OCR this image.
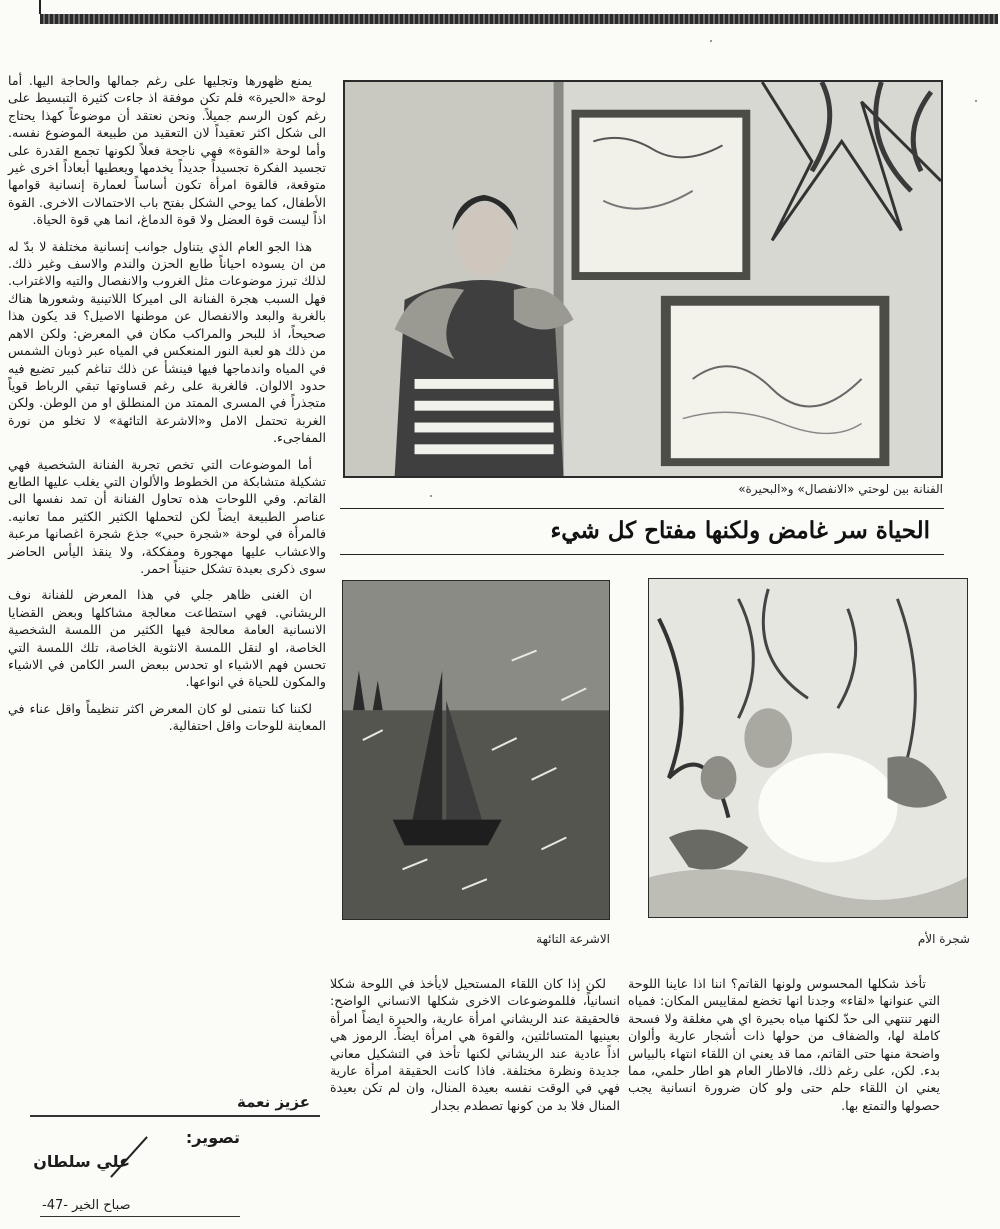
الفنانة بين لوحتي «الانفصال» و«البحيرة»
الحياة سر غامض ولكنها مفتاح كل شيء
شجرة الأم
الاشرعة التائهة

يمنع ظهورها وتجليها على رغم جمالها والحاجة اليها. أما لوحة «الحيرة» فلم تكن موفقة اذ جاءت كثيرة التبسيط على رغم كون الرسم جميلاً. ونحن نعتقد أن موضوعاً كهذا يحتاج الى شكل اكثر تعقيداً لان التعقيد من طبيعة الموضوع نفسه. وأما لوحة «القوة» فهي ناجحة فعلاً لكونها تجمع القدرة على تجسيد الفكرة تجسيداً جديداً يخدمها ويعطيها أبعاداً اخرى غير متوقعة، فالقوة امرأة تكون أساساً لعمارة إنسانية قوامها الأطفال، كما يوحي الشكل بفتح باب الاحتمالات الاخرى. القوة اذاً ليست قوة العضل ولا قوة الدماغ، انما هي قوة الحياة.

هذا الجو العام الذي يتناول جوانب إنسانية مختلفة لا بدّ له من ان يسوده احياناً طابع الحزن والندم والاسف وغير ذلك. لذلك تبرز موضوعات مثل الغروب والانفصال والتيه والاغتراب. فهل السبب هجرة الفنانة الى اميركا اللاتينية وشعورها هناك بالغربة والبعد والانفصال عن موطنها الاصيل؟ قد يكون هذا صحيحاً، اذ للبحر والمراكب مكان في المعرض: ولكن الاهم من ذلك هو لعبة النور المنعكس في المياه عبر ذوبان الشمس في المياه واندماجها فيها فينشأ عن ذلك تناغم كبير تضيع فيه حدود الالوان. فالغربة على رغم قساوتها تبقي الرباط قوياً متجذراً في المسرى الممتد من المنطلق او من الوطن. ولكن الغربة تحتمل الامل و«الاشرعة التائهة» لا تخلو من نورة المفاجىء.

أما الموضوعات التي تخص تجربة الفنانة الشخصية فهي تشكيلة متشابكة من الخطوط والألوان التي يغلب عليها الطابع القاتم. وفي اللوحات هذه تحاول الفنانة أن تمد نفسها الى عناصر الطبيعة ايضاً لكن لتحملها الكثير الكثير مما تعانيه. فالمرأة في لوحة «شجرة حبي» جذع شجرة اغصانها مرعبة والاعشاب عليها مهجورة ومفككة، ولا ينقذ اليأس الحاضر سوى ذكرى بعيدة تشكل حنيناً احمر.

ان الغنى ظاهر جلي في هذا المعرض للفنانة نوف الريشاني. فهي استطاعت معالجة مشاكلها وبعض القضايا الانسانية العامة معالجة فيها الكثير من اللمسة الشخصية الخاصة، او لنقل اللمسة الانثوية الخاصة، تلك اللمسة التي تحسن فهم الاشياء او تحدس ببعض السر الكامن في الاشياء والمكون للحياة في انواعها.

لكننا كنا نتمنى لو كان المعرض اكثر تنظيماً واقل عناء في المعاينة للوحات واقل احتفالية.

عزيز نعمة
تصوير:
علي سلطان
صباح الخير -47-

لكن إذا كان اللقاء المستحيل لايأخذ في اللوحة شكلا انسانياً، فللموضوعات الاخرى شكلها الانساني الواضح: فالحقيقة عند الريشاني امرأة عارية، والحيرة ايضاً امرأة بعينيها المتسائلتين، والقوة هي امرأة ايضاً. الرموز هي اذاً عادية عند الريشاني لكنها تأخذ في التشكيل معاني جديدة ونظرة مختلفة. فاذا كانت الحقيقة امرأة عارية فهي في الوقت نفسه بعيدة المنال، وان لم تكن بعيدة المنال فلا بد من كونها تصطدم بجدار

تأخذ شكلها المحسوس ولونها القاتم؟ اننا اذا عاينا اللوحة التي عنوانها «لقاء» وجدنا انها تخضع لمقاييس المكان: فمياه النهر تنتهي الى حدّ لكنها مياه بحيرة اي هي مغلقة ولا فسحة كاملة لها، والضفاف من حولها ذات أشجار عارية وألوان واضحة منها حتى القاتم، مما قد يعني ان اللقاء انتهاء بالبياس بدء. لكن، على رغم ذلك، فالاطار العام هو اطار حلمي، مما يعني ان اللقاء حلم حتى ولو كان ضرورة انسانية يجب حصولها والتمتع بها.
